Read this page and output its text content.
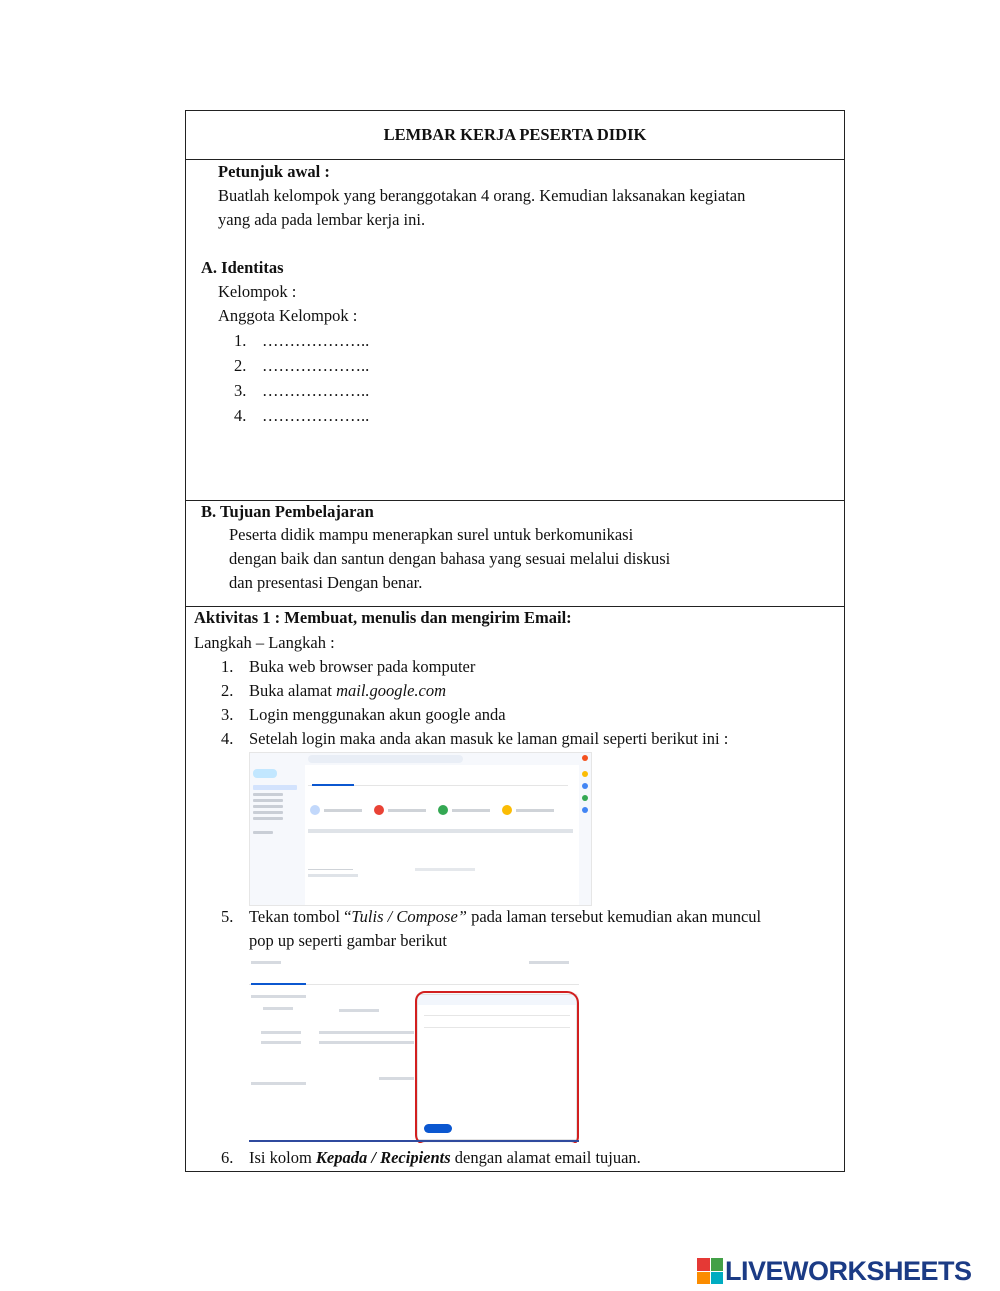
LEMBAR KERJA PESERTA DIDIK
Petunjuk awal :
Buatlah kelompok yang beranggotakan 4 orang. Kemudian laksanakan kegiatan
yang ada pada lembar kerja ini.
A. Identitas
Kelompok :
Anggota Kelompok :
1. ………………..
2. ………………..
3. ………………..
4. ………………..
B. Tujuan Pembelajaran
Peserta didik mampu menerapkan surel untuk berkomunikasi
dengan baik dan santun dengan bahasa yang sesuai melalui diskusi
dan presentasi Dengan benar.
Aktivitas 1 : Membuat, menulis dan mengirim Email:
Langkah – Langkah :
1. Buka web browser pada komputer
2. Buka alamat mail.google.com
3. Login menggunakan akun google anda
4. Setelah login maka anda akan masuk ke laman gmail seperti berikut ini :
5. Tekan tombol “Tulis / Compose” pada laman tersebut kemudian akan muncul
pop up seperti gambar berikut
6. Isi kolom Kepada / Recipients dengan alamat email tujuan.
LIVEWORKSHEETS
